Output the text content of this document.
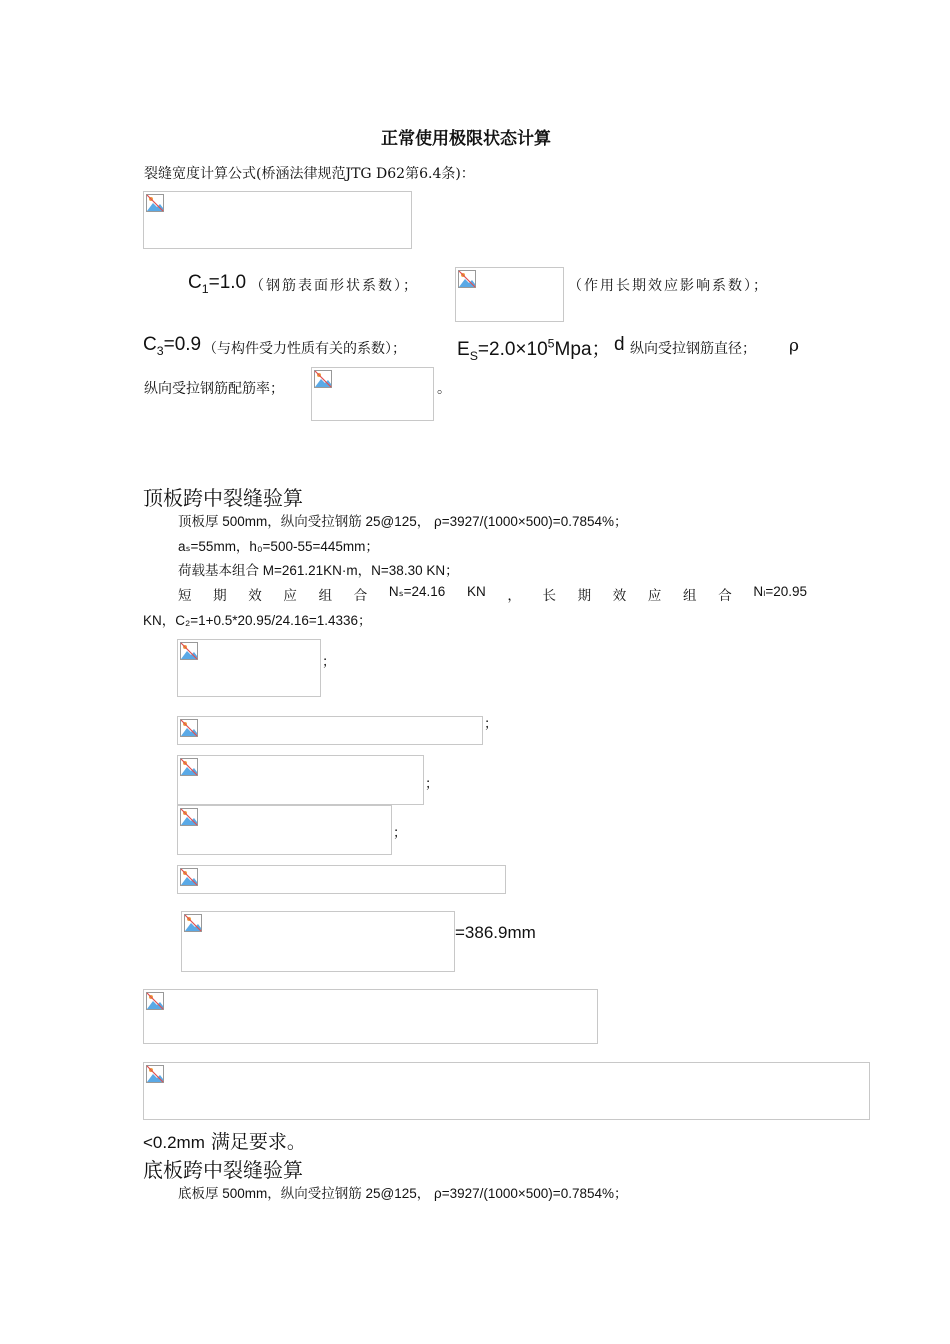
正常使用极限状态计算
裂缝宽度计算公式(桥涵法律规范JTG D62第6.4条)：
$C_1=1.0$ （钢筋表面形状系数）；	（作用长期效应影响系数）；
$C_3=0.9$ （与构件受力性质有关的系数）；	$E_S=2.0\times 10^5Mpa$； d 纵向受拉钢筋直径； ρ
纵向受拉钢筋配筋率；	。
顶板跨中裂缝验算
顶板厚 500mm，纵向受拉钢筋 25@125， ρ=3927/(1000×500)=0.7854%；
aₛ=55mm，h₀=500-55=445mm；
荷载基本组合 M=261.21KN·m，N=38.30 KN；
短 期 效 应 组 合 Nₛ=24.16 KN ， 长 期 效 应 组 合 Nₗ=20.95
KN，C₂=1+0.5*20.95/24.16=1.4336；
；
；
；
；
=386.9mm
<0.2mm 满足要求。
底板跨中裂缝验算
底板厚 500mm，纵向受拉钢筋 25@125， ρ=3927/(1000×500)=0.7854%；
